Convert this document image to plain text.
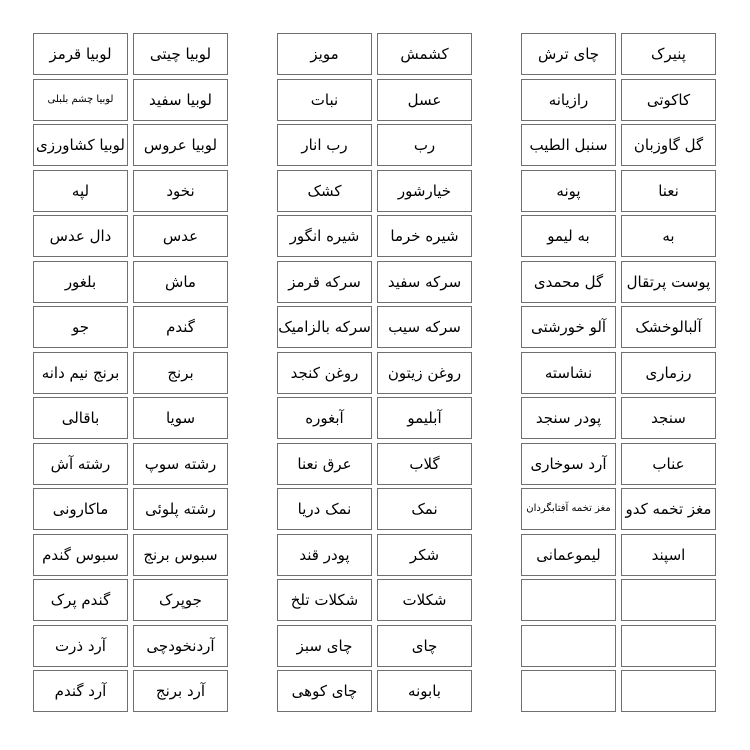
پنیرک
کاکوتی
گل گاوزبان
نعنا
به
پوست پرتقال
آلبالوخشک
رزماری
سنجد
عناب
مغز تخمه کدو
اسپند
چای ترش
رازیانه
سنبل الطیب
پونه
به لیمو
گل محمدی
آلو خورشتی
نشاسته
پودر سنجد
آرد سوخاری
مغز تخمه آفتابگردان
لیموعمانی
کشمش
عسل
رب
خیارشور
شیره خرما
سرکه سفید
سرکه سیب
روغن زیتون
آبلیمو
گلاب
نمک
شکر
شکلات
چای
بابونه
مویز
نبات
رب انار
کشک
شیره انگور
سرکه قرمز
سرکه بالزامیک
روغن کنجد
آبغوره
عرق نعنا
نمک دریا
پودر قند
شکلات تلخ
چای سبز
چای کوهی
لوبیا چیتی
لوبیا سفید
لوبیا عروس
نخود
عدس
ماش
گندم
برنج
سویا
رشته سوپ
رشته پلوئی
سبوس برنج
جوپرک
آردنخودچی
آرد برنج
لوبیا قرمز
لوبیا چشم بلبلی
لوبیا کشاورزی
لپه
دال عدس
بلغور
جو
برنج نیم دانه
باقالی
رشته آش
ماکارونی
سبوس گندم
گندم پرک
آرد ذرت
آرد گندم
